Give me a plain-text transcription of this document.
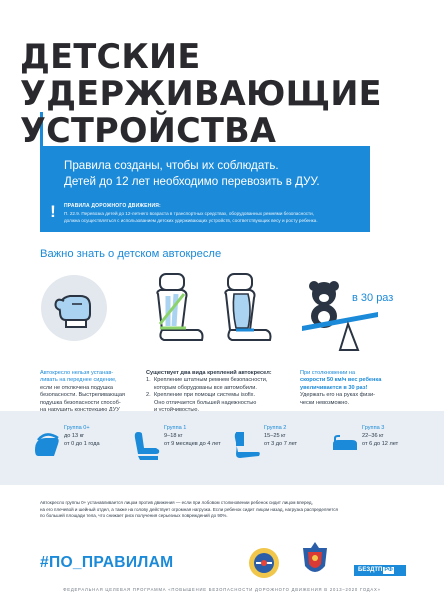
ДЕТСКИЕ
УДЕРЖИВАЮЩИЕ
УСТРОЙСТВА
Правила созданы, чтобы их соблюдать.
Детей до 12 лет необходимо перевозить в ДУУ.
!	ПРАВИЛА ДОРОЖНОГО ДВИЖЕНИЯ:
П. 22.9. Перевозка детей до 12-летнего возраста в транспортных средствах, оборудованных ремнями безопасности,
должна осуществляться с использованием детских удерживающих устройств, соответствующих весу и росту ребенка.
Важно знать о детском автокресле
в 30 раз
Автокресло нельзя устанав-
ливать на переднее сидение,
если не отключена подушка
безопасности. Выстреливающая
подушка безопасности способ-
Существует два вида креплений автокресел:
1. Крепление штатным ремнем безопасности,
которым оборудованы все автомобили.
2. Крепление при помощи системы isofix.
Оно отличается большей надежностью

При столкновении на
скорости 50 км/ч вес ребенка
увеличивается в 30 раз!
Удержать его на руках физи-
чески невозможно.
Группа 0+
до 13 кг
от 0 до 1 года
Группа 1
9–18 кг
от 9 месяцев до 4 лет
Группа 2
15–25 кг
от 3 до 7 лет
Группа 3
22–36 кг
от 6 до 12 лет
Автокресло группы 0+ устанавливается лицом против движения — если при лобовом столкновении ребенок сидит лицом вперед,
на его плечевой и шейный отдел, а также на голову действует огромная нагрузка. Если ребенок сидит лицом назад, нагрузка распределяется
по большей площади тела, что снижает риск получения серьезных повреждений до 90%.
#ПО_ПРАВИЛАМ	БЕЗДТП РФ
ФЕДЕРАЛЬНАЯ ЦЕЛЕВАЯ ПРОГРАММА «ПОВЫШЕНИЕ БЕЗОПАСНОСТИ ДОРОЖНОГО ДВИЖЕНИЯ В 2013–2020 ГОДАХ»
